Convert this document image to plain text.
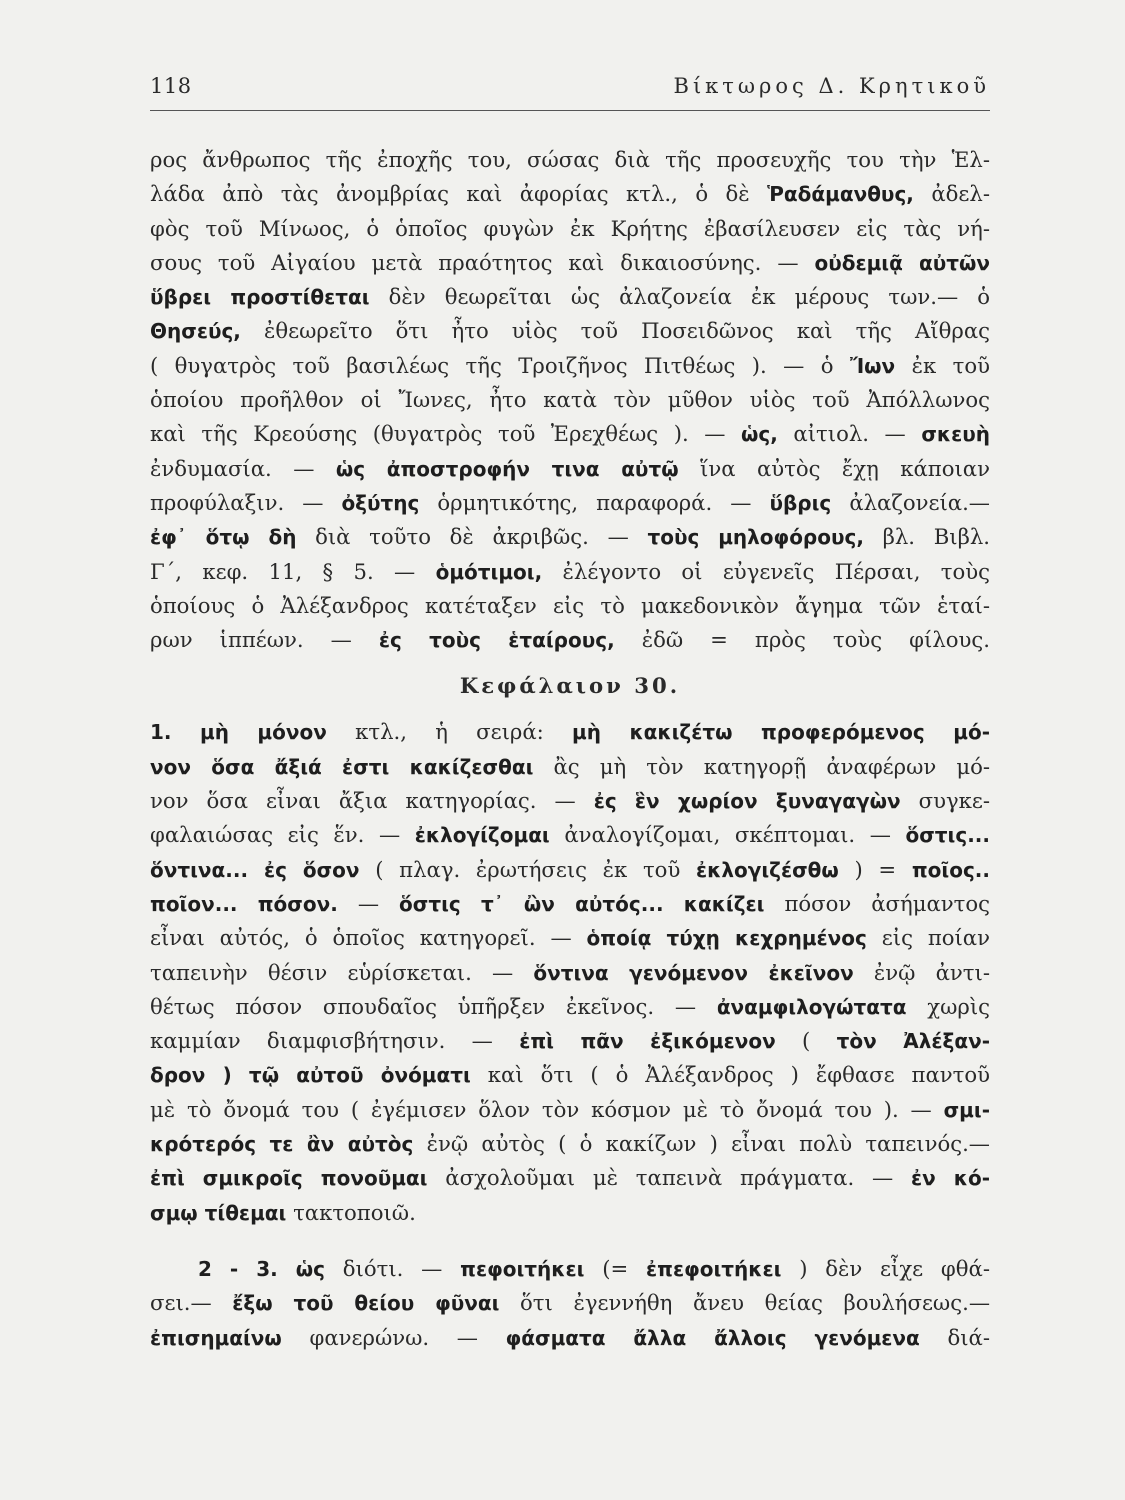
118	Βίκτωρος Δ. Κρητικοῦ
ρος ἄνθρωπος τῆς ἐποχῆς του, σώσας διὰ τῆς προσευχῆς του τὴν Ἑλ-
λάδα ἀπὸ τὰς ἀνομβρίας καὶ ἀφορίας κτλ., ὁ δὲ Ῥαδάμανθυς, ἀδελ-
φὸς τοῦ Μίνωος, ὁ ὁποῖος φυγὼν ἐκ Κρήτης ἐβασίλευσεν εἰς τὰς νή-
σους τοῦ Αἰγαίου μετὰ πραότητος καὶ δικαιοσύνης. — οὐδεμιᾷ αὐτῶν
ὕβρει προστίθεται δὲν θεωρεῖται ὡς ἀλαζονεία ἐκ μέρους των.— ὁ
Θησεύς, ἐθεωρεῖτο ὅτι ἦτο υἱὸς τοῦ Ποσειδῶνος καὶ τῆς Αἴθρας
( θυγατρὸς τοῦ βασιλέως τῆς Τροιζῆνος Πιτθέως ). — ὁ Ἴων ἐκ τοῦ
ὁποίου προῆλθον οἱ Ἴωνες, ἦτο κατὰ τὸν μῦθον υἱὸς τοῦ Ἀπόλλωνος
καὶ τῆς Κρεούσης (θυγατρὸς τοῦ Ἐρεχθέως ). — ὡς, αἰτιολ. — σκευὴ
ἐνδυμασία. — ὡς ἀποστροφήν τινα αὐτῷ ἵνα αὐτὸς ἔχῃ κάποιαν
προφύλαξιν. — ὀξύτης ὁρμητικότης, παραφορά. — ὕβρις ἀλαζονεία.—
ἐφ᾿ ὅτῳ δὴ διὰ τοῦτο δὲ ἀκριβῶς. — τοὺς μηλοφόρους, βλ. Βιβλ.
Γ΄, κεφ. 11, § 5. — ὁμότιμοι, ἐλέγοντο οἱ εὐγενεῖς Πέρσαι, τοὺς
ὁποίους ὁ Ἀλέξανδρος κατέταξεν εἰς τὸ μακεδονικὸν ἄγημα τῶν ἑταί-
ρων ἱππέων. — ἐς τοὺς ἑταίρους, ἐδῶ = πρὸς τοὺς φίλους.
Κεφάλαιον 30.
1. μὴ μόνον κτλ., ἡ σειρά: μὴ κακιζέτω προφερόμενος μό-
νον ὅσα ἄξιά ἐστι κακίζεσθαι ἂς μὴ τὸν κατηγορῇ ἀναφέρων μό-
νον ὅσα εἶναι ἄξια κατηγορίας. — ἐς ἓν χωρίον ξυναγαγὼν συγκε-
φαλαιώσας εἰς ἕν. — ἐκλογίζομαι ἀναλογίζομαι, σκέπτομαι. — ὅστις...
ὅντινα... ἐς ὅσον ( πλαγ. ἐρωτήσεις ἐκ τοῦ ἐκλογιζέσθω ) = ποῖος..
ποῖον... πόσον. — ὅστις τ᾿ ὢν αὐτός... κακίζει πόσον ἀσήμαντος
εἶναι αὐτός, ὁ ὁποῖος κατηγορεῖ. — ὁποίᾳ τύχῃ κεχρημένος εἰς ποίαν
ταπεινὴν θέσιν εὑρίσκεται. — ὅντινα γενόμενον ἐκεῖνον ἐνῷ ἀντι-
θέτως πόσον σπουδαῖος ὑπῆρξεν ἐκεῖνος. — ἀναμφιλογώτατα χωρὶς
καμμίαν διαμφισβήτησιν. — ἐπὶ πᾶν ἐξικόμενον ( τὸν Ἀλέξαν-
δρον ) τῷ αὐτοῦ ὀνόματι καὶ ὅτι ( ὁ Ἀλέξανδρος ) ἔφθασε παντοῦ
μὲ τὸ ὄνομά του ( ἐγέμισεν ὅλον τὸν κόσμον μὲ τὸ ὄνομά του ). — σμι-
κρότερός τε ἂν αὐτὸς ἐνῷ αὐτὸς ( ὁ κακίζων ) εἶναι πολὺ ταπεινός.—
ἐπὶ σμικροῖς πονοῦμαι ἀσχολοῦμαι μὲ ταπεινὰ πράγματα. — ἐν κό-
σμῳ τίθεμαι τακτοποιῶ.
2 - 3. ὡς διότι. — πεφοιτήκει (= ἐπεφοιτήκει ) δὲν εἶχε φθά-
σει.— ἔξω τοῦ θείου φῦναι ὅτι ἐγεννήθη ἄνευ θείας βουλήσεως.—
ἐπισημαίνω φανερώνω. — φάσματα ἄλλα ἄλλοις γενόμενα διά-
